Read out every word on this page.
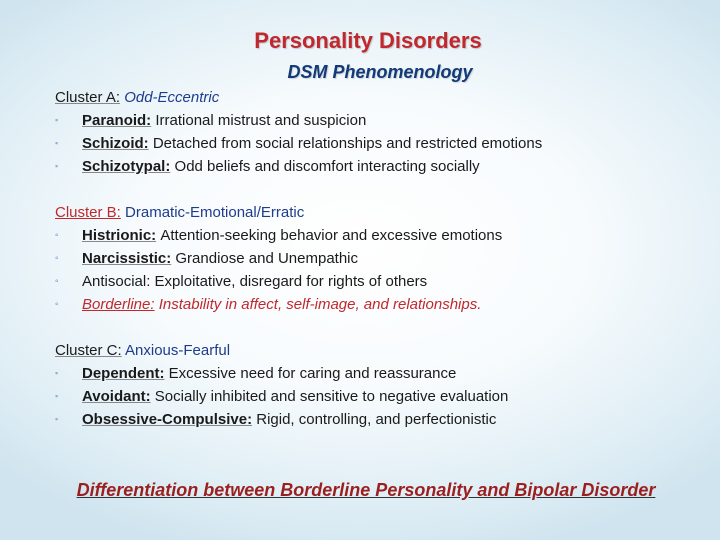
Personality Disorders
DSM Phenomenology
Cluster A: Odd-Eccentric
▪	Paranoid:
Irrational mistrust and suspicion
▪	Schizoid:
Detached from social relationships and restricted emotions
▪	Schizotypal:
Odd beliefs and discomfort interacting socially
Cluster B: Dramatic-Emotional/Erratic
◦	Histrionic:
Attention-seeking behavior and excessive emotions
◦	Narcissistic:
Grandiose and Unempathic
◦	Antisocial:
Exploitative, disregard for rights of others
◦	Borderline:
Instability in affect, self-image, and relationships.
Cluster C: Anxious-Fearful
▪	Dependent:
Excessive need for caring and reassurance
▪	Avoidant:
Socially inhibited and sensitive to negative evaluation
▪	Obsessive-Compulsive:
Rigid, controlling, and perfectionistic
Differentiation between Borderline Personality and Bipolar Disorder
